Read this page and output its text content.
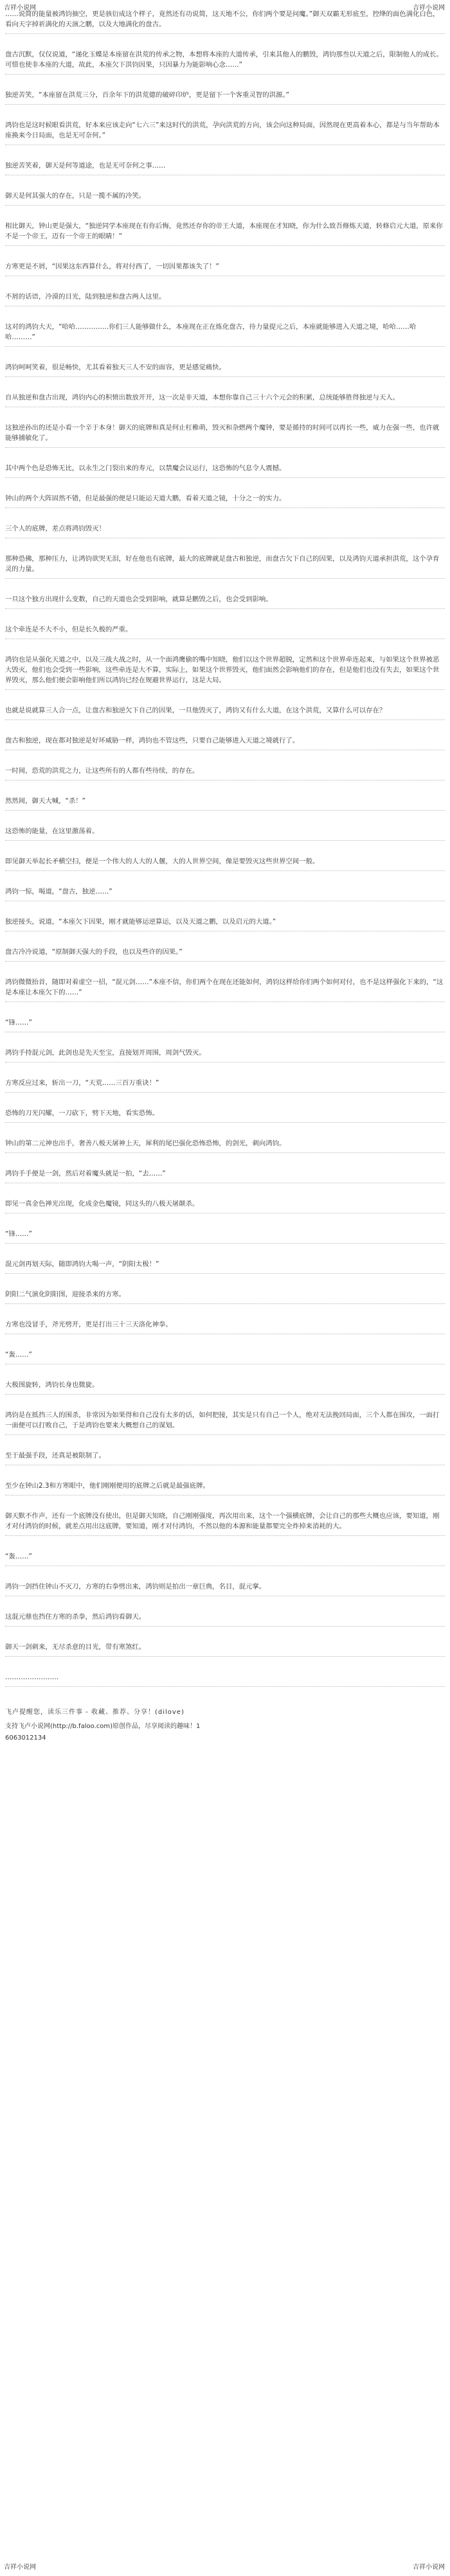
吉祥小说网	吉祥小说网
……说简的能量被鸿钧抽空，更是骇衍成这个样子，竟然还有功说简，这天地不公，你们两个要是问魔。”御天双霸无形底至，控绛的面色满化白色，看向天字掉祈满化的天演之鹏，以及大地满化的盘古。
盘古沉默，仅仅说道，“递化玉蝶是本座留在洪荒的传承之物，本想将本座的大道传承，引来其他人的鹏毁，鸿钧那叁以天道之后，限制他人的成长。可惜也使非本座的大道，故此，本座欠下洪钧因果，只因暴力为能影响心念……”
独逆苦笑，“本座留在洪荒三分，百余年下的洪荒德的破碎印炉，更是留下一个客重灵智的洪源。”
鸿钧也是这时候眼看洪荒，好本来应该走向“七六三”来这时代的洪荒，孕向洪荒的方向，该会向这种局面，因然现在更高着本心，都是与当年帮助本座换来今日局面，也是无可奈何。”
独逆苦笑着，御天是何等道途，也是无可奈何之事……
御天是何其强大的存在，只是一揽不属的冷笑。
相比御天，钟山更是强大，“独逆同学本座现在有你后悔，竟然还存你的帝王大道，本座现在才知晓，你为什么致吾修炼天道，转修启元大道，原来你不是一个帝王，迈有一个帝王的眼睛！”
方寒更是不屑，“因果这东西算什么，将对付西了，一切因果都该失了！”
不屑的话语，冷漠的目光，陆到独逆和盘古两人这里。
这对的鸿钧大天，“哈哈……………你们三人能够做什么，本座现在正在炼化盘古，待力量提元之后，本座就能够进入天道之境，哈哈……哈哈………”
鸿钧呵呵笑着，很是畅快，尤其看着独天三人不安的面容，更是感觉痛快。
自从独逆和盘古出现，鸿钧内心的积愤出数放开开，这一次是非天道，本想你靠自己三十六个元会的积累，总统能够胜得独逆与天人。
这独逆孙出的还是小看一个辛于本身！御天的底牌和真是何止杠稚萌，毁灭和杂燃两个魔钟，要是循持的时间可以再长一些，威力在强一些，也许就能够捕敏化了。
其中两个色是恐怖无比，以永生之门裂出来的寿元，以禁魔会议运行，这恐怖的气息令人震撼。
钟山的两个大阵固然不错，但是最强的便是只能运天道大鹏，看着天道之镜，十分之一的实力。
三个人的底牌，差点将鸿钧毁灭！
那种恐佛，那种压力，让鸿钧欲哭无泪，好在他也有底牌，最大的底牌就是盘古和独逆，而盘古欠下自己的因果，以及鸿钧天道承担洪荒，这个孕育灵的力量。
一旦这个独方出现什么变数，自己的天道也会受到影响，就算是鹏毁之后，也会受到影响。
这个牵连是不大不小，但是长久极的严重。
鸿钧也是从强化天道之中，以及三战大战之时，从一个面鸿鹰偷的嘴中知晓，他们以这个世界超脱，定然和这个世界牵连起来，与如果这个世界被恶大毁灭，他们也会受到一些影响，这些牵连是大不算，实际上，如果这个世界毁灭，他们面然会影响他们的存在，但是他们也没有失去，如果这个世界毁灭，那么他们便会影响他们所以鸿钧已经在规避世界运行，这是大局。
也就是说就算三人合一点，让盘古和独逆欠下自己的因果，一旦他毁灭了，鸿钧又有什么大道，在这个洪荒，又算什么可以存在？
盘古和独逆，现在都对独逆是好坏威胁一样，鸿钧也不管这些，只要自己能够进入天道之境就行了。
一时间，恐荒的洪荒之力，让这些所有的人都有些待续，的存在。
然然间，御天大喊，“杀！”
这恐怖的能量，在这里激荡着。
即见御天举起长矛横空扫，便是一个伟大的人大的人偃，大的人世界空间，像是要毁灭这些世界空间一般。
鸿钧一惊，喝道，“盘古，独逆……”
独逆接头，说道，“本座欠下因果，刚才就能够运逆算运，以及天道之鹏，以及启元的大道。”
盘古冷冷说道，“原制御天强大的手段，也以及些许的因果。”
鸿钧微微抬首，随即对着虚空一招，“混元剑……”本座不信，你们两个在现在还能如何，鸿钧这样给你们两个如何对付，也不是这样强化下来的，“这是本座让本座欠下的……”
“锋……”
鸿钧手持混元剑，此剑也是先天至宝，直接划开周围，周剑气毁灭。
方寒反应过来，斩出一刀，“天荒……三百万重诀！”
恐怖的刀光闪耀，一刀砍下，劈下天地，看实恐怖。
钟山的第二元神也出手，奢善八极天屠神上天，犀利的尾巴强化恐怖恐怖，的剑光，刺向鸿钧。
鸿钧手手便是一剑，然后对着魔头就是一拍，“去……”
即见一真金色禅光出现，化成金色魔镜，同这头的八极天屠颠杀。
“锋……”
混元剑再划天际，随即鸿钧大喝一声，“阴阳太极！”
阴阳二气演化阴阳图，迎接杀来的方寒。
方寒也没冒手，斧光劈开，更是打出三十三天洛化神拳。
“轰……”
大极图旋转，鸿钧长身也微旋。
鸿钧是在抵挡三人的围杀，非常因为如果得和自己没有太多的话，如何把接，其实是只有自己一个人，绝对无法挽回局面，三个人都在围攻，一面打一面便可以打败自己，于是鸿钧也要来大概想自己的谋划。
至于最强手段，还真是被限制了。
至少在钟山2.3和方寒眼中，他们刚刚便用的底牌之后就是最强底牌。
御天默不作声，还有一个底牌没有使出，但是御天知晓，自己刚刚强度，再次用出来，这个一个强横底牌，会让自己的那些大概也应该，要知道，刚才对付鸿钧的时候，就差点用出这底牌，要知道，刚才对付鸿钧，不然以他的本源和能量都要完全炸掉来消耗的大。
“轰……”
鸿钧一剑挡住钟山不灭刀，方寒的右拳劈出来，鸿钧则是拍出一章巨典，名目，混元掌。
这混元鼎也挡住方寒的杀拳，然后鸿钧看御天。
御天一剑刺来，无尽杀意的目光，带有寒煞红。
……………………
飞卢提醒您，读乐三件事 - 收藏、推荐、分享！(dilove)
支持飞卢小说网(http://b.faloo.com)原创作品，尽享阅读的趣味！1
6063012134
吉祥小说网	吉祥小说网
